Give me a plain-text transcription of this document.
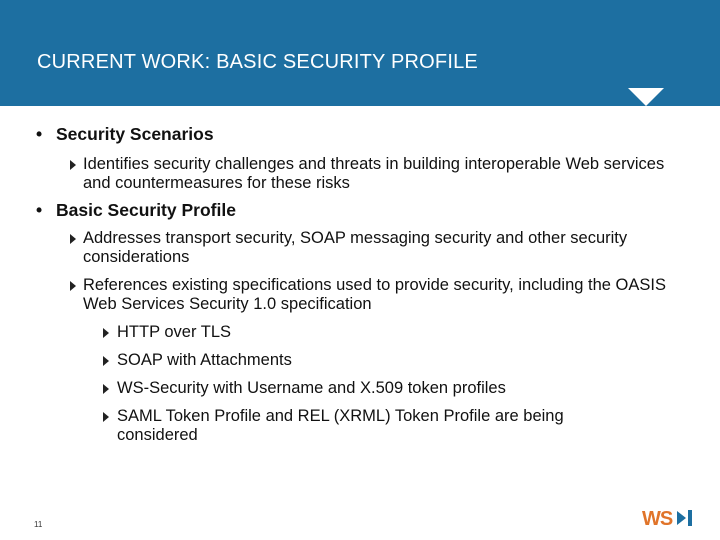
CURRENT WORK: BASIC SECURITY PROFILE
• Security Scenarios
Identifies security challenges and threats in building interoperable Web services and countermeasures for these risks
• Basic Security Profile
Addresses transport security, SOAP messaging security and other security considerations
References existing specifications used to provide security, including the OASIS Web Services Security 1.0 specification
HTTP over TLS
SOAP with Attachments
WS-Security with Username and X.509 token profiles
SAML Token Profile and REL (XRML) Token Profile are being considered
11	WS
